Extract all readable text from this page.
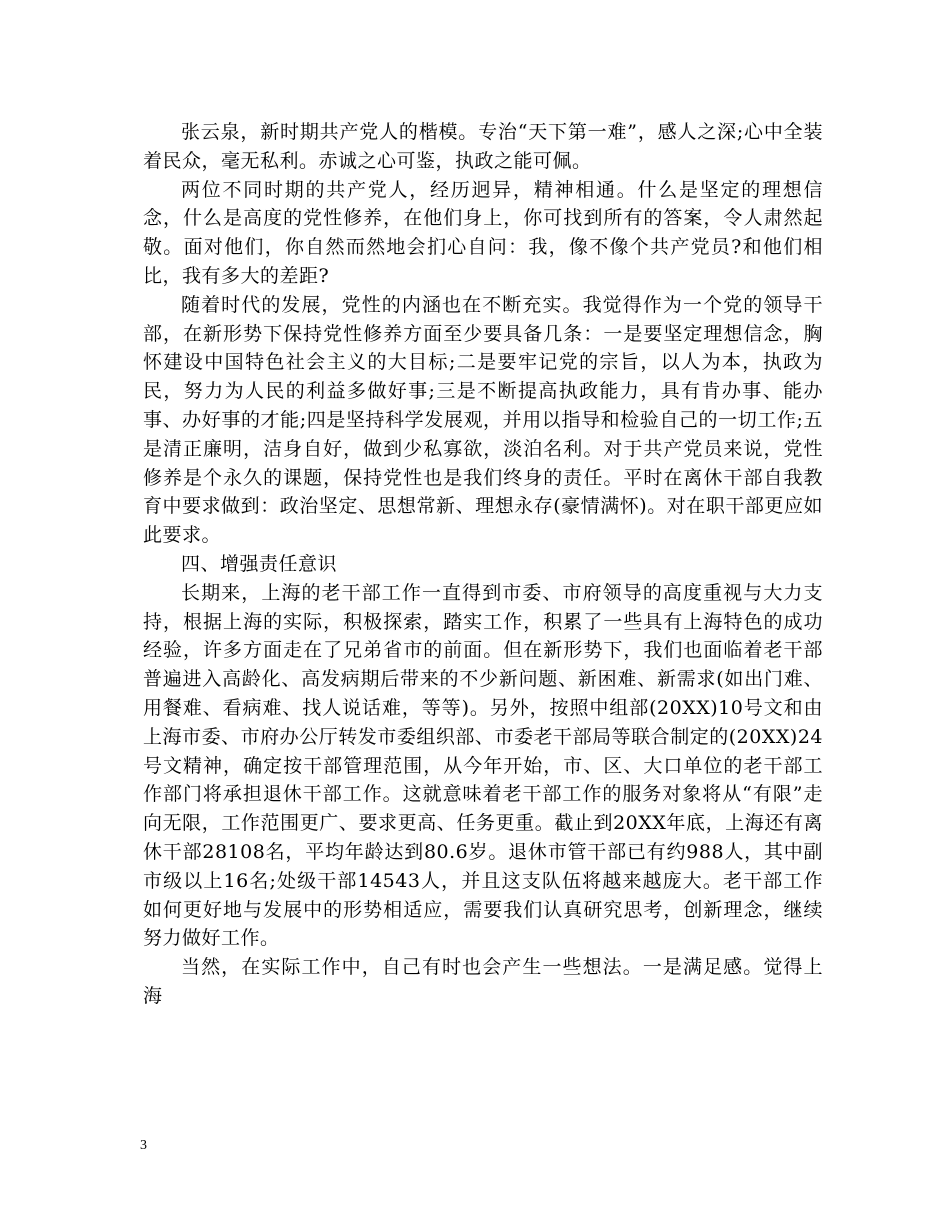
张云泉，新时期共产党人的楷模。专治“天下第一难”，感人之深;心中全装着民众，毫无私利。赤诚之心可鉴，执政之能可佩。

两位不同时期的共产党人，经历迥异，精神相通。什么是坚定的理想信念，什么是高度的党性修养，在他们身上，你可找到所有的答案，令人肃然起敬。面对他们，你自然而然地会扪心自问：我，像不像个共产党员?和他们相比，我有多大的差距?

随着时代的发展，党性的内涵也在不断充实。我觉得作为一个党的领导干部，在新形势下保持党性修养方面至少要具备几条：一是要坚定理想信念，胸怀建设中国特色社会主义的大目标;二是要牢记党的宗旨，以人为本，执政为民，努力为人民的利益多做好事;三是不断提高执政能力，具有肯办事、能办事、办好事的才能;四是坚持科学发展观，并用以指导和检验自己的一切工作;五是清正廉明，洁身自好，做到少私寡欲，淡泊名利。对于共产党员来说，党性修养是个永久的课题，保持党性也是我们终身的责任。平时在离休干部自我教育中要求做到：政治坚定、思想常新、理想永存(豪情满怀)。对在职干部更应如此要求。

四、增强责任意识

长期来，上海的老干部工作一直得到市委、市府领导的高度重视与大力支持，根据上海的实际，积极探索，踏实工作，积累了一些具有上海特色的成功经验，许多方面走在了兄弟省市的前面。但在新形势下，我们也面临着老干部普遍进入高龄化、高发病期后带来的不少新问题、新困难、新需求(如出门难、用餐难、看病难、找人说话难，等等)。另外，按照中组部(20XX)10号文和由上海市委、市府办公厅转发市委组织部、市委老干部局等联合制定的(20XX)24号文精神，确定按干部管理范围，从今年开始，市、区、大口单位的老干部工作部门将承担退休干部工作。这就意味着老干部工作的服务对象将从“有限”走向无限，工作范围更广、要求更高、任务更重。截止到20XX年底，上海还有离休干部28108名，平均年龄达到80.6岁。退休市管干部已有约988人，其中副市级以上16名;处级干部14543人，并且这支队伍将越来越庞大。老干部工作如何更好地与发展中的形势相适应，需要我们认真研究思考，创新理念，继续努力做好工作。

当然，在实际工作中，自己有时也会产生一些想法。一是满足感。觉得上海

3
